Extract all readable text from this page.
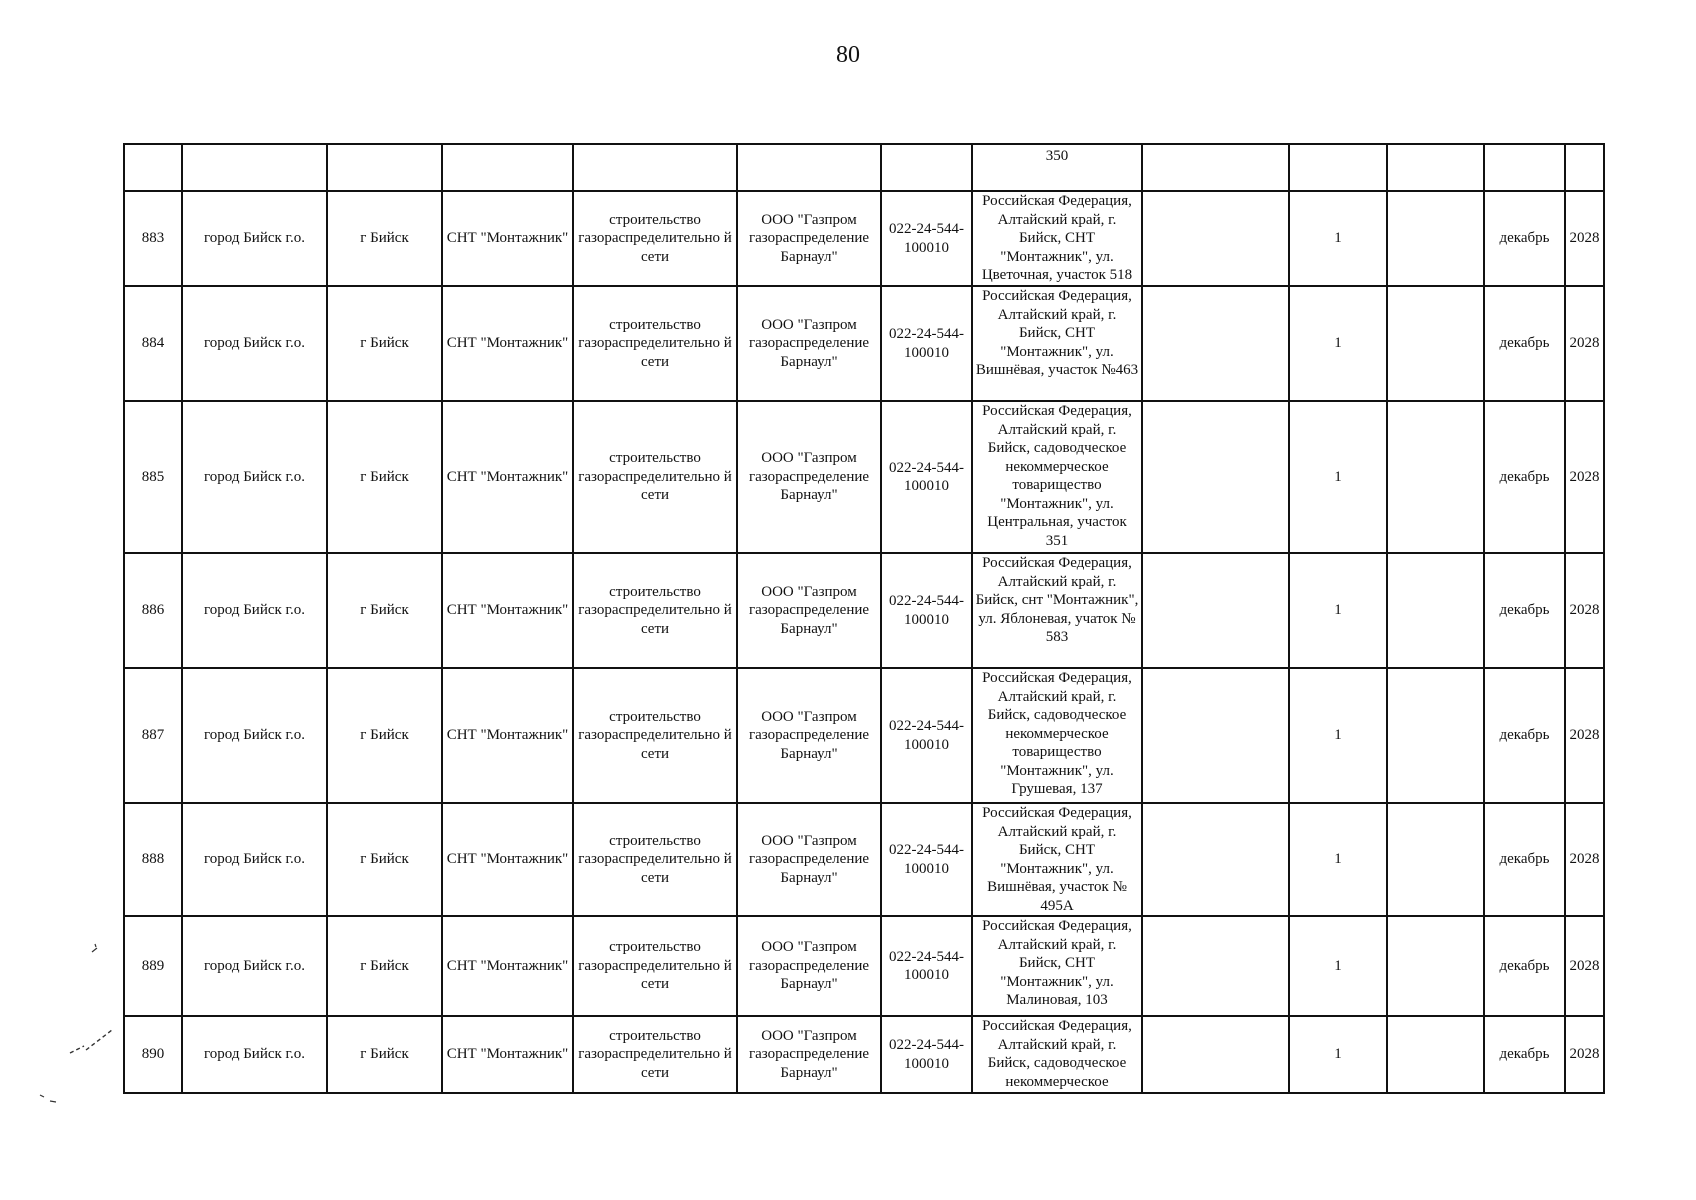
80
							350					
883	город Бийск г.о.	г Бийск	СНТ "Монтажник"	строительство газораспределительно й сети	ООО "Газпром газораспределение Барнаул"	022-24-544-100010	Российская Федерация, Алтайский край, г. Бийск, СНТ "Монтажник", ул. Цветочная, участок 518		1		декабрь	2028
884	город Бийск г.о.	г Бийск	СНТ "Монтажник"	строительство газораспределительно й сети	ООО "Газпром газораспределение Барнаул"	022-24-544-100010	Российская Федерация, Алтайский край, г. Бийск, СНТ "Монтажник", ул. Вишнёвая, участок №463		1		декабрь	2028
885	город Бийск г.о.	г Бийск	СНТ "Монтажник"	строительство газораспределительно й сети	ООО "Газпром газораспределение Барнаул"	022-24-544-100010	Российская Федерация, Алтайский край, г. Бийск, садоводческое некоммерческое товарищество "Монтажник", ул. Центральная, участок 351		1		декабрь	2028
886	город Бийск г.о.	г Бийск	СНТ "Монтажник"	строительство газораспределительно й сети	ООО "Газпром газораспределение Барнаул"	022-24-544-100010	Российская Федерация, Алтайский край, г. Бийск, снт "Монтажник", ул. Яблоневая, учаток № 583		1		декабрь	2028
887	город Бийск г.о.	г Бийск	СНТ "Монтажник"	строительство газораспределительно й сети	ООО "Газпром газораспределение Барнаул"	022-24-544-100010	Российская Федерация, Алтайский край, г. Бийск, садоводческое некоммерческое товарищество "Монтажник", ул. Грушевая, 137		1		декабрь	2028
888	город Бийск г.о.	г Бийск	СНТ "Монтажник"	строительство газораспределительно й сети	ООО "Газпром газораспределение Барнаул"	022-24-544-100010	Российская Федерация, Алтайский край, г. Бийск, СНТ "Монтажник", ул. Вишнёвая, участок № 495А		1		декабрь	2028
889	город Бийск г.о.	г Бийск	СНТ "Монтажник"	строительство газораспределительно й сети	ООО "Газпром газораспределение Барнаул"	022-24-544-100010	Российская Федерация, Алтайский край, г. Бийск, СНТ "Монтажник", ул. Малиновая, 103		1		декабрь	2028
890	город Бийск г.о.	г Бийск	СНТ "Монтажник"	строительство газораспределительно й сети	ООО "Газпром газораспределение Барнаул"	022-24-544-100010	Российская Федерация, Алтайский край, г. Бийск, садоводческое некоммерческое		1		декабрь	2028
